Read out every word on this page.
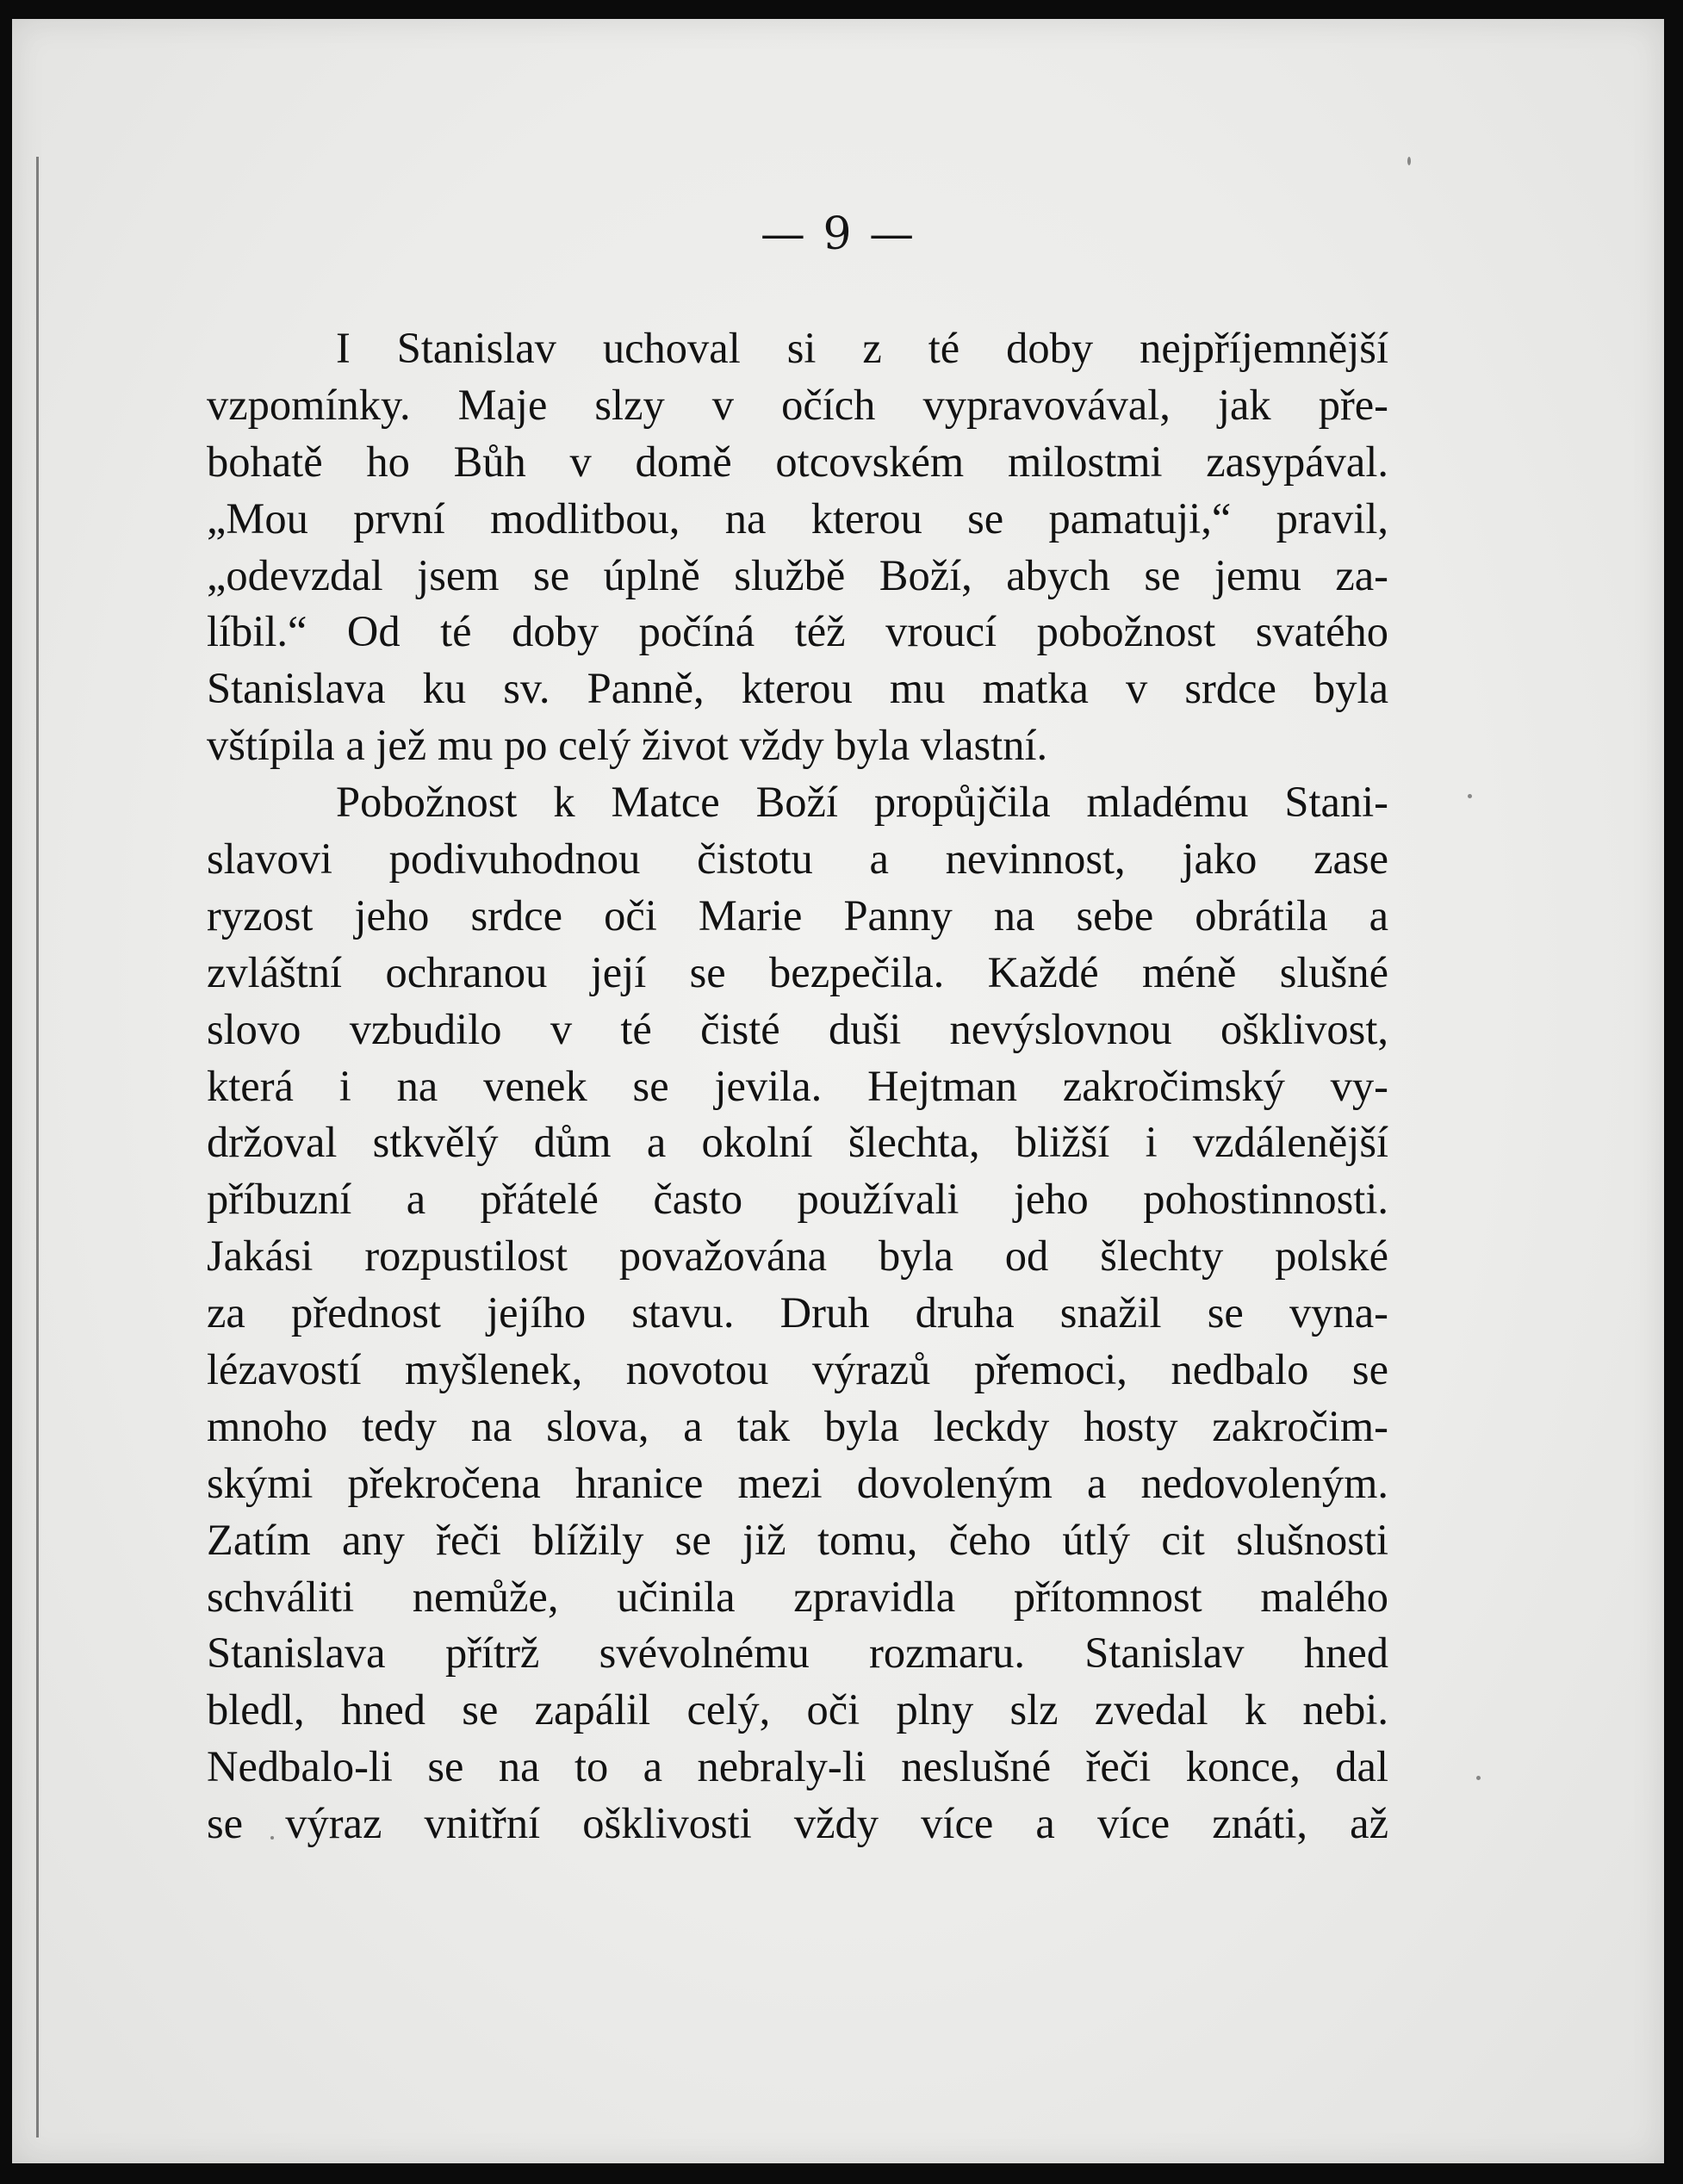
— 9 —
I Stanislav uchoval si z té doby nejpříjemnější
vzpomínky. Maje slzy v očích vypravovával, jak pře-
bohatě ho Bůh v domě otcovském milostmi zasypával.
„Mou první modlitbou, na kterou se pamatuji,“ pravil,
„odevzdal jsem se úplně službě Boží, abych se jemu za-
líbil.“ Od té doby počíná též vroucí pobožnost svatého
Stanislava ku sv. Panně, kterou mu matka v srdce byla
vštípila a jež mu po celý život vždy byla vlastní.
Pobožnost k Matce Boží propůjčila mladému Stani-
slavovi podivuhodnou čistotu a nevinnost, jako zase
ryzost jeho srdce oči Marie Panny na sebe obrátila a
zvláštní ochranou její se bezpečila. Každé méně slušné
slovo vzbudilo v té čisté duši nevýslovnou ošklivost,
která i na venek se jevila. Hejtman zakročimský vy-
držoval stkvělý dům a okolní šlechta, bližší i vzdálenější
příbuzní a přátelé často používali jeho pohostinnosti.
Jakási rozpustilost považována byla od šlechty polské
za přednost jejího stavu. Druh druha snažil se vyna-
lézavostí myšlenek, novotou výrazů přemoci, nedbalo se
mnoho tedy na slova, a tak byla leckdy hosty zakročim-
skými překročena hranice mezi dovoleným a nedovoleným.
Zatím any řeči blížily se již tomu, čeho útlý cit slušnosti
schváliti nemůže, učinila zpravidla přítomnost malého
Stanislava přítrž svévolnému rozmaru. Stanislav hned
bledl, hned se zapálil celý, oči plny slz zvedal k nebi.
Nedbalo-li se na to a nebraly-li neslušné řeči konce, dal
se výraz vnitřní ošklivosti vždy více a více znáti, až
